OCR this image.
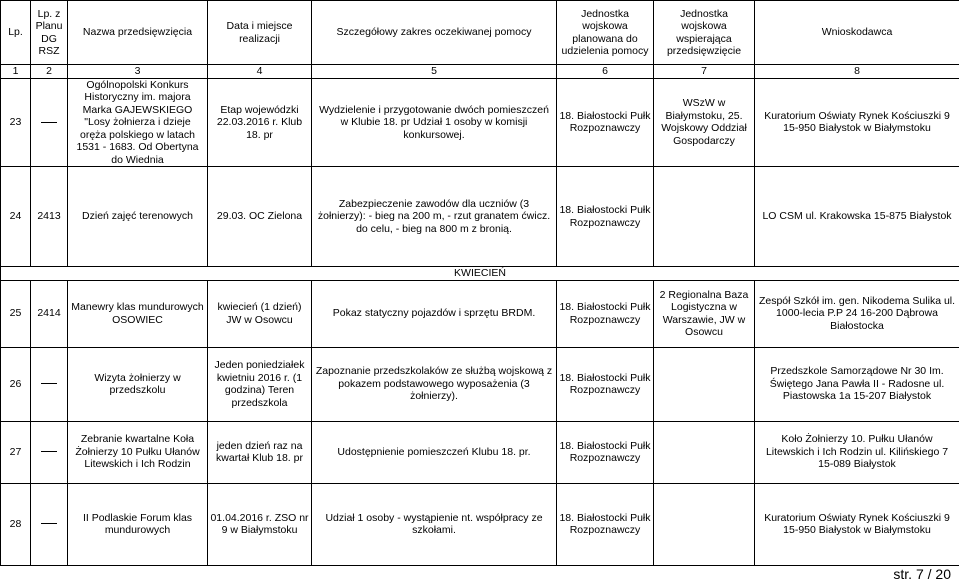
Lp.	Lp. z Planu DG RSZ	Nazwa przedsięwzięcia	Data i miejsce realizacji	Szczegółowy zakres oczekiwanej pomocy	Jednostka wojskowa planowana do udzielenia pomocy	Jednostka wojskowa wspierająca przedsięwzięcie	Wnioskodawca
1	2	3	4	5	6	7	8
23		Ogólnopolski Konkurs Historyczny im. majora Marka GAJEWSKIEGO "Losy żołnierza i dzieje oręża polskiego w latach 1531 - 1683. Od Obertyna do Wiednia	Etap wojewódzki 22.03.2016 r. Klub 18. pr	Wydzielenie i przygotowanie dwóch pomieszczeń w Klubie 18. pr Udział 1 osoby w komisji konkursowej.	18. Białostocki Pułk Rozpoznawczy	WSzW w Białymstoku, 25. Wojskowy Oddział Gospodarczy	Kuratorium Oświaty Rynek Kościuszki 9 15-950 Białystok w Białymstoku
24	2413	Dzień zajęć terenowych	29.03. OC Zielona	Zabezpieczenie zawodów dla uczniów (3 żołnierzy): - bieg na 200 m, - rzut granatem ćwicz. do celu, - bieg na 800 m z bronią.	18. Białostocki Pułk Rozpoznawczy		LO CSM ul. Krakowska 15-875 Białystok
KWIECIEŃ							
25	2414	Manewry klas mundurowych OSOWIEC	kwiecień (1 dzień) JW w Osowcu	Pokaz statyczny pojazdów i sprzętu BRDM.	18. Białostocki Pułk Rozpoznawczy	2 Regionalna Baza Logistyczna w Warszawie, JW w Osowcu	Zespół Szkół im. gen. Nikodema Sulika ul. 1000-lecia P.P 24 16-200 Dąbrowa Białostocka
26		Wizyta żołnierzy w przedszkolu	Jeden poniedziałek kwietniu 2016 r. (1 godzina) Teren przedszkola	Zapoznanie przedszkolaków ze służbą wojskową z pokazem podstawowego wyposażenia (3 żołnierzy).	18. Białostocki Pułk Rozpoznawczy		Przedszkole Samorządowe Nr 30 Im. Świętego Jana Pawła II - Radosne ul. Piastowska 1a 15-207 Białystok
27		Zebranie kwartalne Koła Żołnierzy 10 Pułku Ułanów Litewskich i Ich Rodzin	jeden dzień raz na kwartał Klub 18. pr	Udostępnienie pomieszczeń Klubu 18. pr.	18. Białostocki Pułk Rozpoznawczy		Koło Żołnierzy 10. Pułku Ułanów Litewskich i Ich Rodzin ul. Kilińskiego 7 15-089 Białystok
28		II Podlaskie Forum klas mundurowych	01.04.2016 r. ZSO nr 9 w Białymstoku	Udział 1 osoby - wystąpienie nt. współpracy ze szkołami.	18. Białostocki Pułk Rozpoznawczy		Kuratorium Oświaty Rynek Kościuszki 9 15-950 Białystok w Białymstoku
str. 7 / 20
